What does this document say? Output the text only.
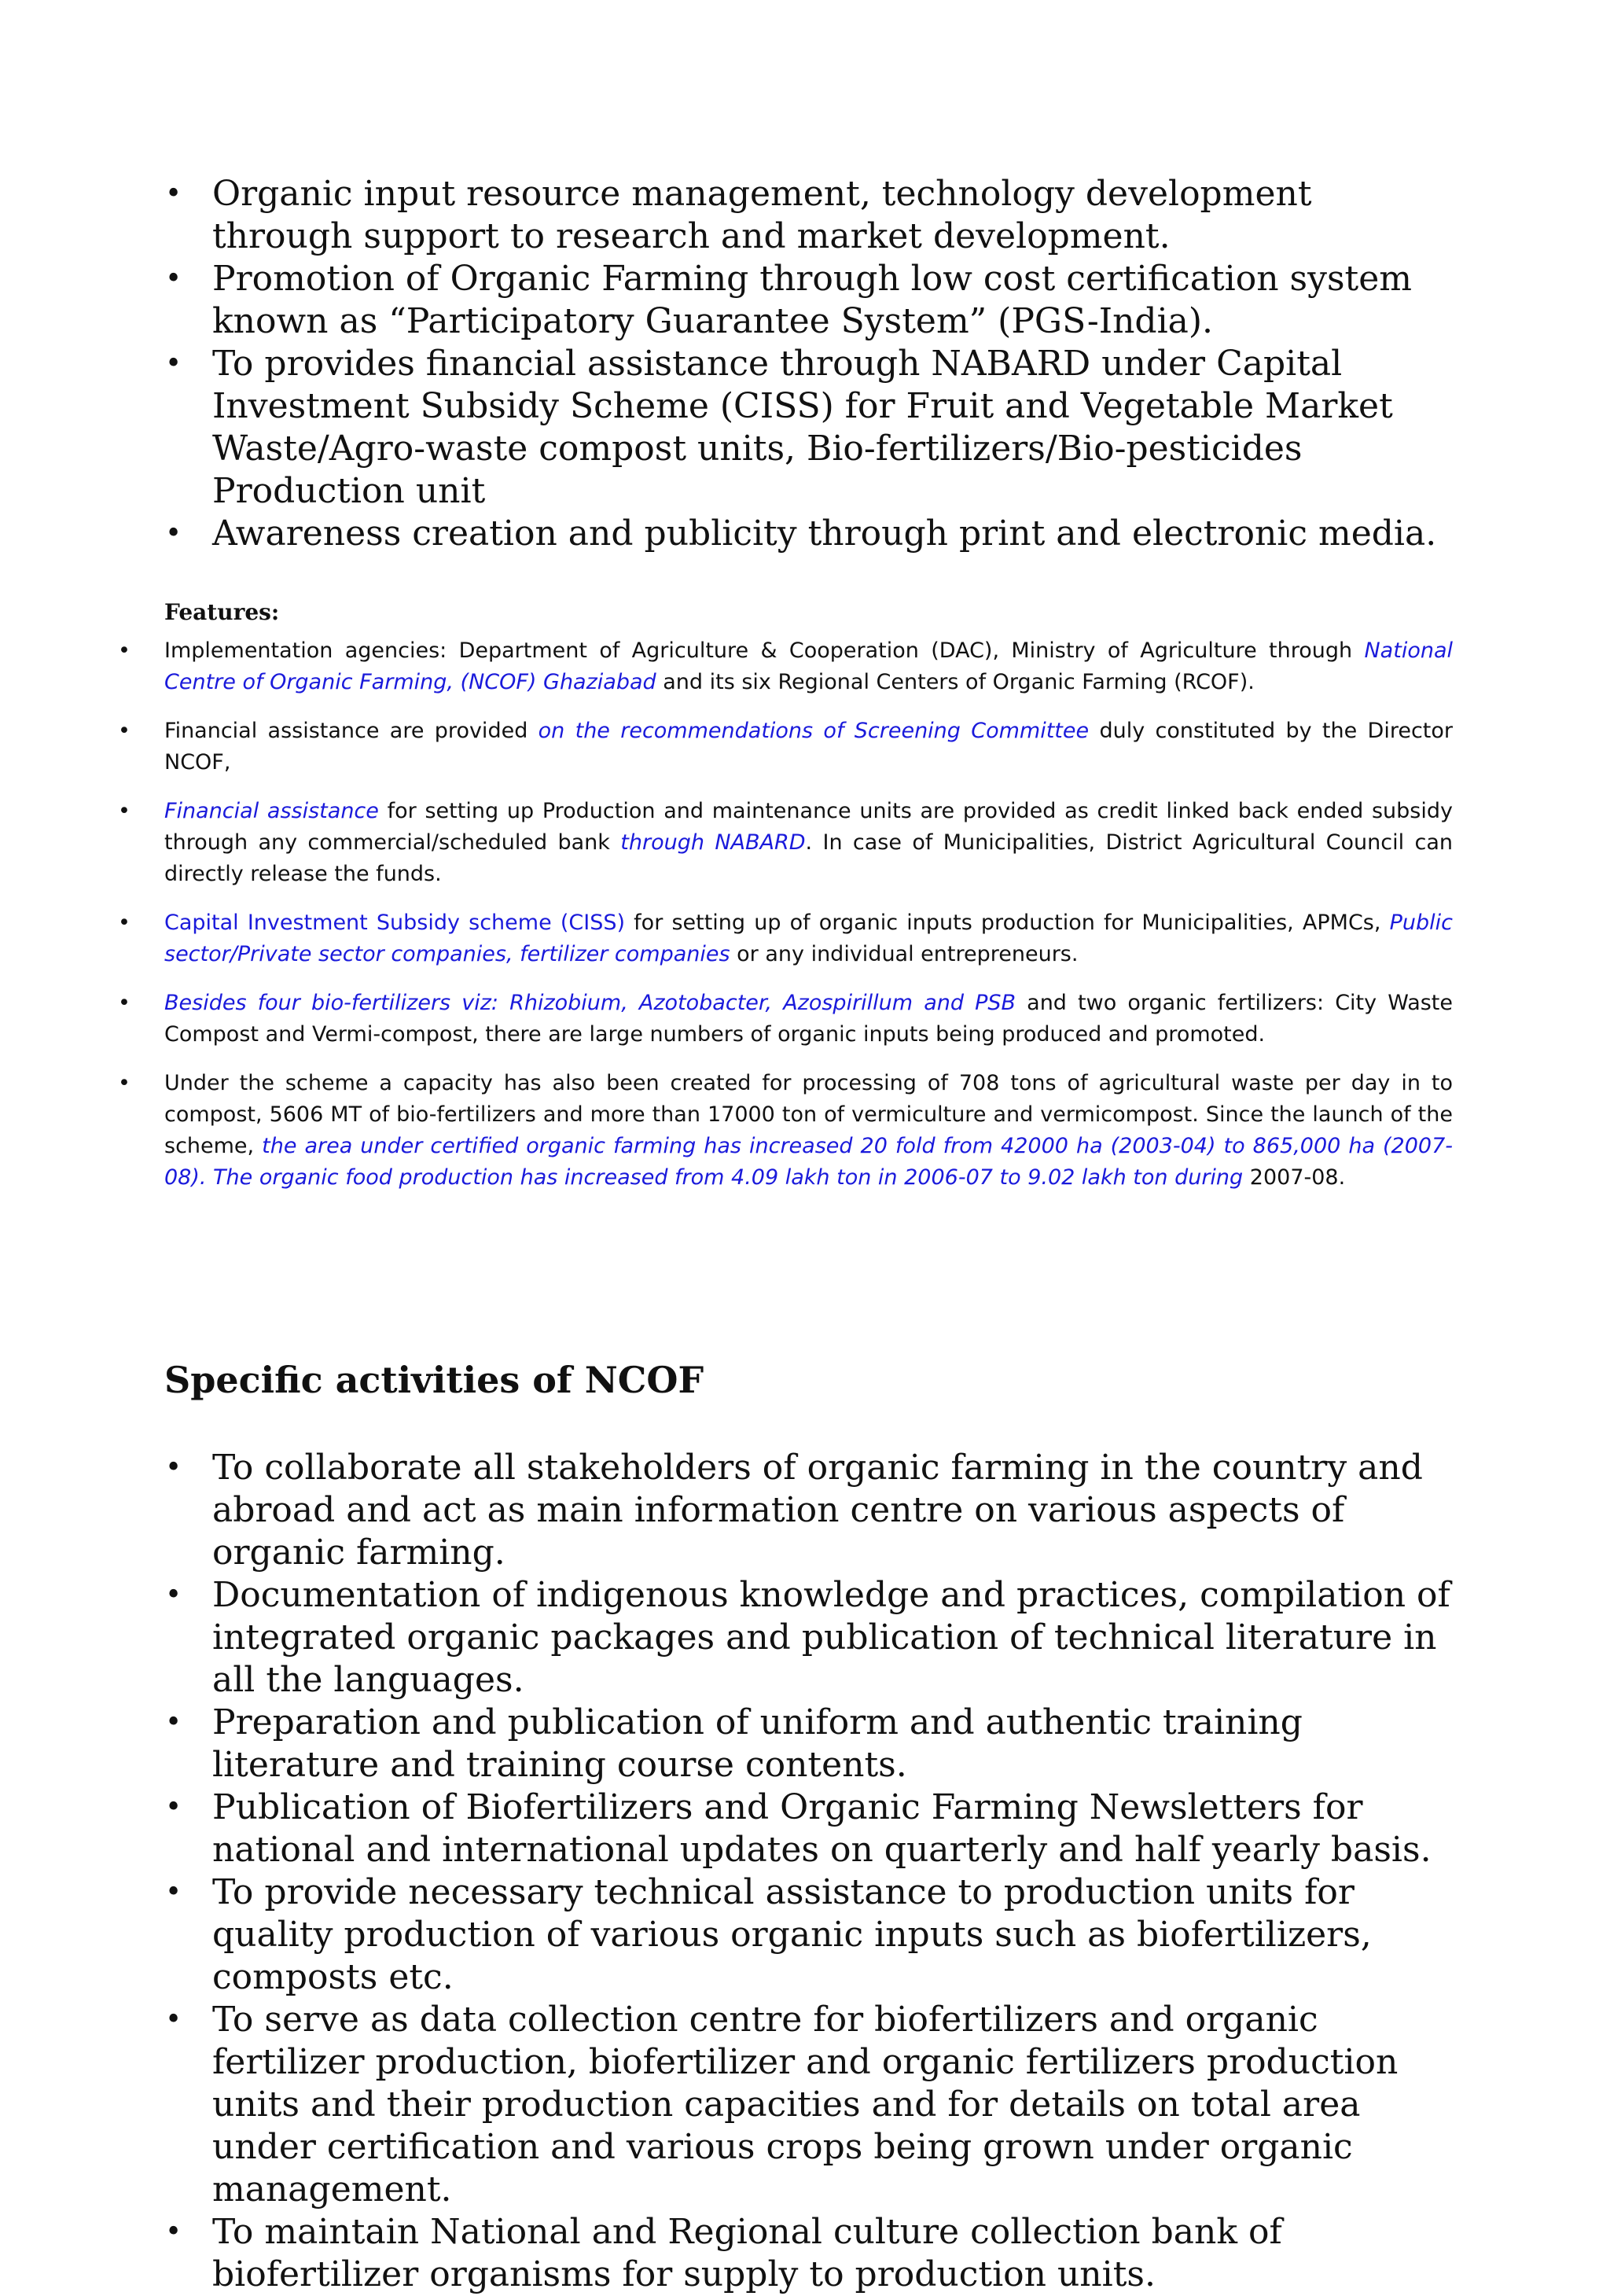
• Organic input resource management, technology development through support to research and market development.
• Promotion of Organic Farming through low cost certification system known as “Participatory Guarantee System” (PGS-India).
• To provides financial assistance through NABARD under Capital Investment Subsidy Scheme (CISS) for Fruit and Vegetable Market Waste/Agro-waste compost units, Bio-fertilizers/Bio-pesticides Production unit
• Awareness creation and publicity through print and electronic media.
Features:
• Implementation agencies: Department of Agriculture & Cooperation (DAC), Ministry of Agriculture through National Centre of Organic Farming, (NCOF) Ghaziabad and its six Regional Centers of Organic Farming (RCOF).
• Financial assistance are provided on the recommendations of Screening Committee duly constituted by the Director NCOF,
• Financial assistance for setting up Production and maintenance units are provided as credit linked back ended subsidy through any commercial/scheduled bank through NABARD. In case of Municipalities, District Agricultural Council can directly release the funds.
• Capital Investment Subsidy scheme (CISS) for setting up of organic inputs production for Municipalities, APMCs, Public sector/Private sector companies, fertilizer companies or any individual entrepreneurs.
• Besides four bio-fertilizers viz: Rhizobium, Azotobacter, Azospirillum and PSB and two organic fertilizers: City Waste Compost and Vermi-compost, there are large numbers of organic inputs being produced and promoted.
• Under the scheme a capacity has also been created for processing of 708 tons of agricultural waste per day in to compost, 5606 MT of bio-fertilizers and more than 17000 ton of vermiculture and vermicompost. Since the launch of the scheme, the area under certified organic farming has increased 20 fold from 42000 ha (2003-04) to 865,000 ha (2007-08). The organic food production has increased from 4.09 lakh ton in 2006-07 to 9.02 lakh ton during 2007-08.
Specific activities of NCOF
• To collaborate all stakeholders of organic farming in the country and abroad and act as main information centre on various aspects of organic farming.
• Documentation of indigenous knowledge and practices, compilation of integrated organic packages and publication of technical literature in all the languages.
• Preparation and publication of uniform and authentic training literature and training course contents.
• Publication of Biofertilizers and Organic Farming Newsletters for national and international updates on quarterly and half yearly basis.
• To provide necessary technical assistance to production units for quality production of various organic inputs such as biofertilizers, composts etc.
• To serve as data collection centre for biofertilizers and organic fertilizer production, biofertilizer and organic fertilizers production units and their production capacities and for details on total area under certification and various crops being grown under organic management.
• To maintain National and Regional culture collection bank of biofertilizer organisms for supply to production units.
